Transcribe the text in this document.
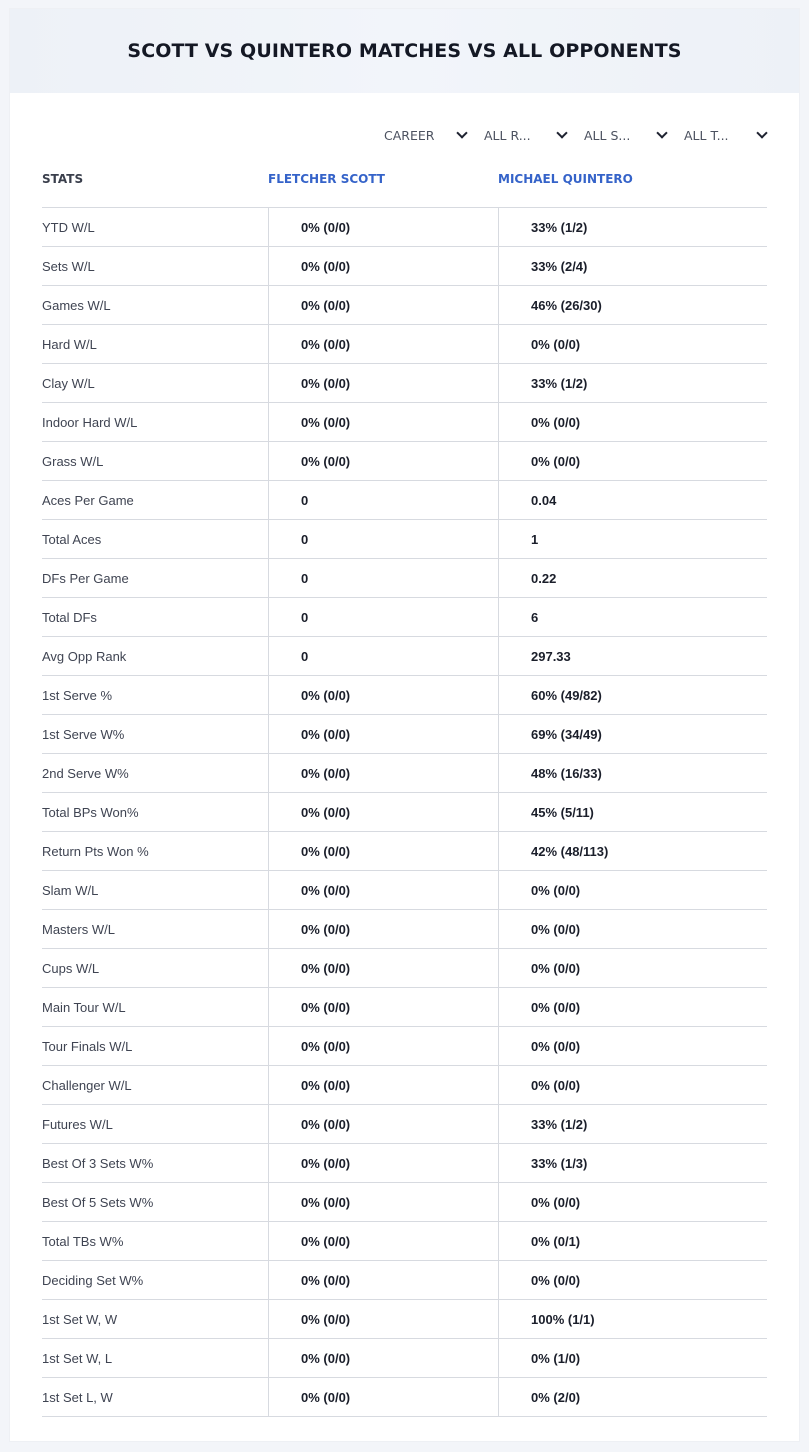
SCOTT VS QUINTERO MATCHES VS ALL OPPONENTS
CAREER	ALL R...	ALL S...	ALL T...
STATS	FLETCHER SCOTT	MICHAEL QUINTERO
YTD W/L	0% (0/0)	33% (1/2)
Sets W/L	0% (0/0)	33% (2/4)
Games W/L	0% (0/0)	46% (26/30)
Hard W/L	0% (0/0)	0% (0/0)
Clay W/L	0% (0/0)	33% (1/2)
Indoor Hard W/L	0% (0/0)	0% (0/0)
Grass W/L	0% (0/0)	0% (0/0)
Aces Per Game	0	0.04
Total Aces	0	1
DFs Per Game	0	0.22
Total DFs	0	6
Avg Opp Rank	0	297.33
1st Serve %	0% (0/0)	60% (49/82)
1st Serve W%	0% (0/0)	69% (34/49)
2nd Serve W%	0% (0/0)	48% (16/33)
Total BPs Won%	0% (0/0)	45% (5/11)
Return Pts Won %	0% (0/0)	42% (48/113)
Slam W/L	0% (0/0)	0% (0/0)
Masters W/L	0% (0/0)	0% (0/0)
Cups W/L	0% (0/0)	0% (0/0)
Main Tour W/L	0% (0/0)	0% (0/0)
Tour Finals W/L	0% (0/0)	0% (0/0)
Challenger W/L	0% (0/0)	0% (0/0)
Futures W/L	0% (0/0)	33% (1/2)
Best Of 3 Sets W%	0% (0/0)	33% (1/3)
Best Of 5 Sets W%	0% (0/0)	0% (0/0)
Total TBs W%	0% (0/0)	0% (0/1)
Deciding Set W%	0% (0/0)	0% (0/0)
1st Set W, W	0% (0/0)	100% (1/1)
1st Set W, L	0% (0/0)	0% (1/0)
1st Set L, W	0% (0/0)	0% (2/0)
